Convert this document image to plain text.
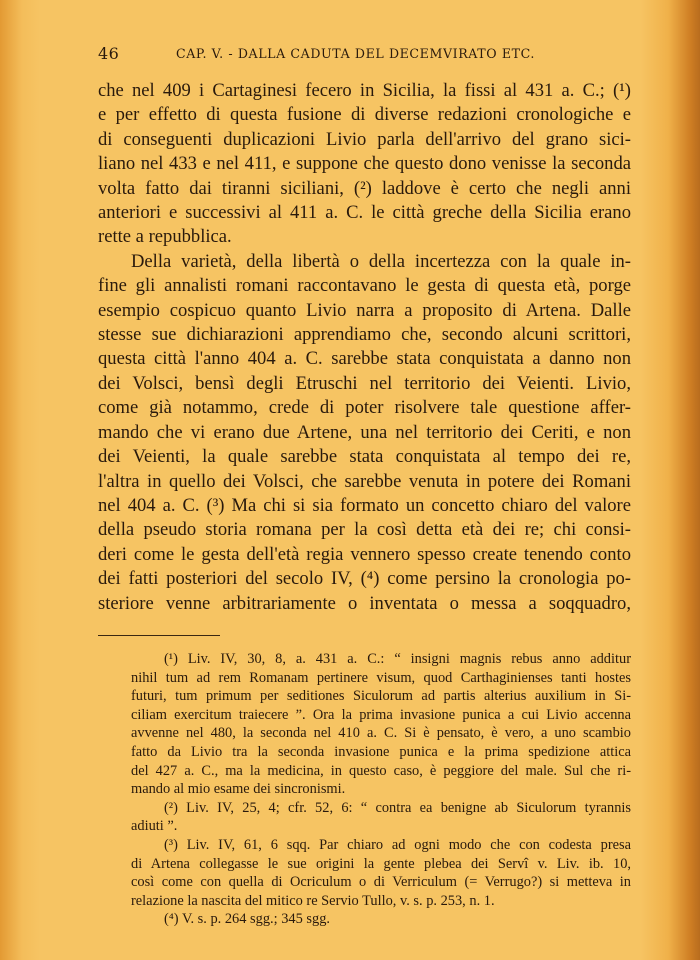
46	CAP. V. - DALLA CADUTA DEL DECEMVIRATO ETC.

che nel 409 i Cartaginesi fecero in Sicilia, la fissi al 431 a. C.; (¹)
e per effetto di questa fusione di diverse redazioni cronologiche e
di conseguenti duplicazioni Livio parla dell'arrivo del grano sici-
liano nel 433 e nel 411, e suppone che questo dono venisse la seconda
volta fatto dai tiranni siciliani, (²) laddove è certo che negli anni
anteriori e successivi al 411 a. C. le città greche della Sicilia erano
rette a repubblica.

Della varietà, della libertà o della incertezza con la quale in-
fine gli annalisti romani raccontavano le gesta di questa età, porge
esempio cospicuo quanto Livio narra a proposito di Artena. Dalle
stesse sue dichiarazioni apprendiamo che, secondo alcuni scrittori,
questa città l'anno 404 a. C. sarebbe stata conquistata a danno non
dei Volsci, bensì degli Etruschi nel territorio dei Veienti. Livio,
come già notammo, crede di poter risolvere tale questione affer-
mando che vi erano due Artene, una nel territorio dei Ceriti, e non
dei Veienti, la quale sarebbe stata conquistata al tempo dei re,
l'altra in quello dei Volsci, che sarebbe venuta in potere dei Romani
nel 404 a. C. (³) Ma chi si sia formato un concetto chiaro del valore
della pseudo storia romana per la così detta età dei re; chi consi-
deri come le gesta dell'età regia vennero spesso create tenendo conto
dei fatti posteriori del secolo IV, (⁴) come persino la cronologia po-
steriore venne arbitrariamente o inventata o messa a soqquadro,

(¹) Liv. IV, 30, 8, a. 431 a. C.: “ insigni magnis rebus anno additur
nihil tum ad rem Romanam pertinere visum, quod Carthaginienses tanti hostes
futuri, tum primum per seditiones Siculorum ad partis alterius auxilium in Si-
ciliam exercitum traiecere ”. Ora la prima invasione punica a cui Livio accenna
avvenne nel 480, la seconda nel 410 a. C. Si è pensato, è vero, a uno scambio
fatto da Livio tra la seconda invasione punica e la prima spedizione attica
del 427 a. C., ma la medicina, in questo caso, è peggiore del male. Sul che ri-
mando al mio esame dei sincronismi.

(²) Liv. IV, 25, 4; cfr. 52, 6: “ contra ea benigne ab Siculorum tyrannis
adiuti ”.

(³) Liv. IV, 61, 6 sqq. Par chiaro ad ogni modo che con codesta presa
di Artena collegasse le sue origini la gente plebea dei Servî v. Liv. ib. 10,
così come con quella di Ocriculum o di Verriculum (= Verrugo?) si metteva in
relazione la nascita del mitico re Servio Tullo, v. s. p. 253, n. 1.

(⁴) V. s. p. 264 sgg.; 345 sgg.
